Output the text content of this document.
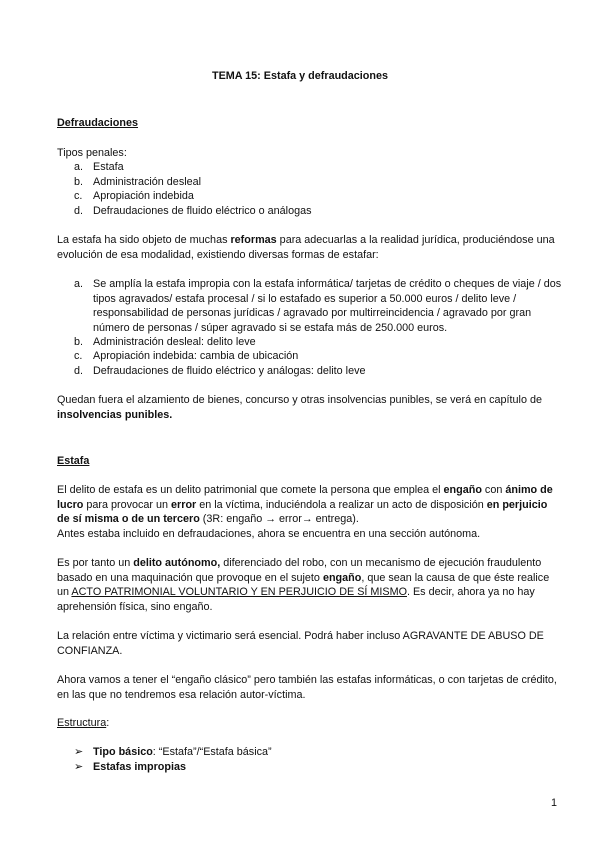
TEMA 15: Estafa y defraudaciones
Defraudaciones
Tipos penales:
a. Estafa
b. Administración desleal
c. Apropiación indebida
d. Defraudaciones de fluido eléctrico o análogas

La estafa ha sido objeto de muchas reformas para adecuarlas a la realidad jurídica, produciéndose una evolución de esa modalidad, existiendo diversas formas de estafar:

a. Se amplía la estafa impropia con la estafa informática/ tarjetas de crédito o cheques de viaje / dos tipos agravados/ estafa procesal / si lo estafado es superior a 50.000 euros / delito leve / responsabilidad de personas jurídicas / agravado por multirreincidencia / agravado por gran número de personas / súper agravado si se estafa más de 250.000 euros.
b. Administración desleal: delito leve
c. Apropiación indebida: cambia de ubicación
d. Defraudaciones de fluido eléctrico y análogas: delito leve

Quedan fuera el alzamiento de bienes, concurso y otras insolvencias punibles, se verá en capítulo de insolvencias punibles.

Estafa

El delito de estafa es un delito patrimonial que comete la persona que emplea el engaño con ánimo de lucro para provocar un error en la víctima, induciéndola a realizar un acto de disposición en perjuicio de sí misma o de un tercero (3R: engaño → error→ entrega).
Antes estaba incluido en defraudaciones, ahora se encuentra en una sección autónoma.

Es por tanto un delito autónomo, diferenciado del robo, con un mecanismo de ejecución fraudulento basado en una maquinación que provoque en el sujeto engaño, que sean la causa de que éste realice un ACTO PATRIMONIAL VOLUNTARIO Y EN PERJUICIO DE SÍ MISMO. Es decir, ahora ya no hay aprehensión física, sino engaño.

La relación entre víctima y victimario será esencial. Podrá haber incluso AGRAVANTE DE ABUSO DE CONFIANZA.

Ahora vamos a tener el “engaño clásico” pero también las estafas informáticas, o con tarjetas de crédito, en las que no tendremos esa relación autor-víctima.

Estructura:
➢ Tipo básico: “Estafa”/“Estafa básica”
➢ Estafas impropias
1
